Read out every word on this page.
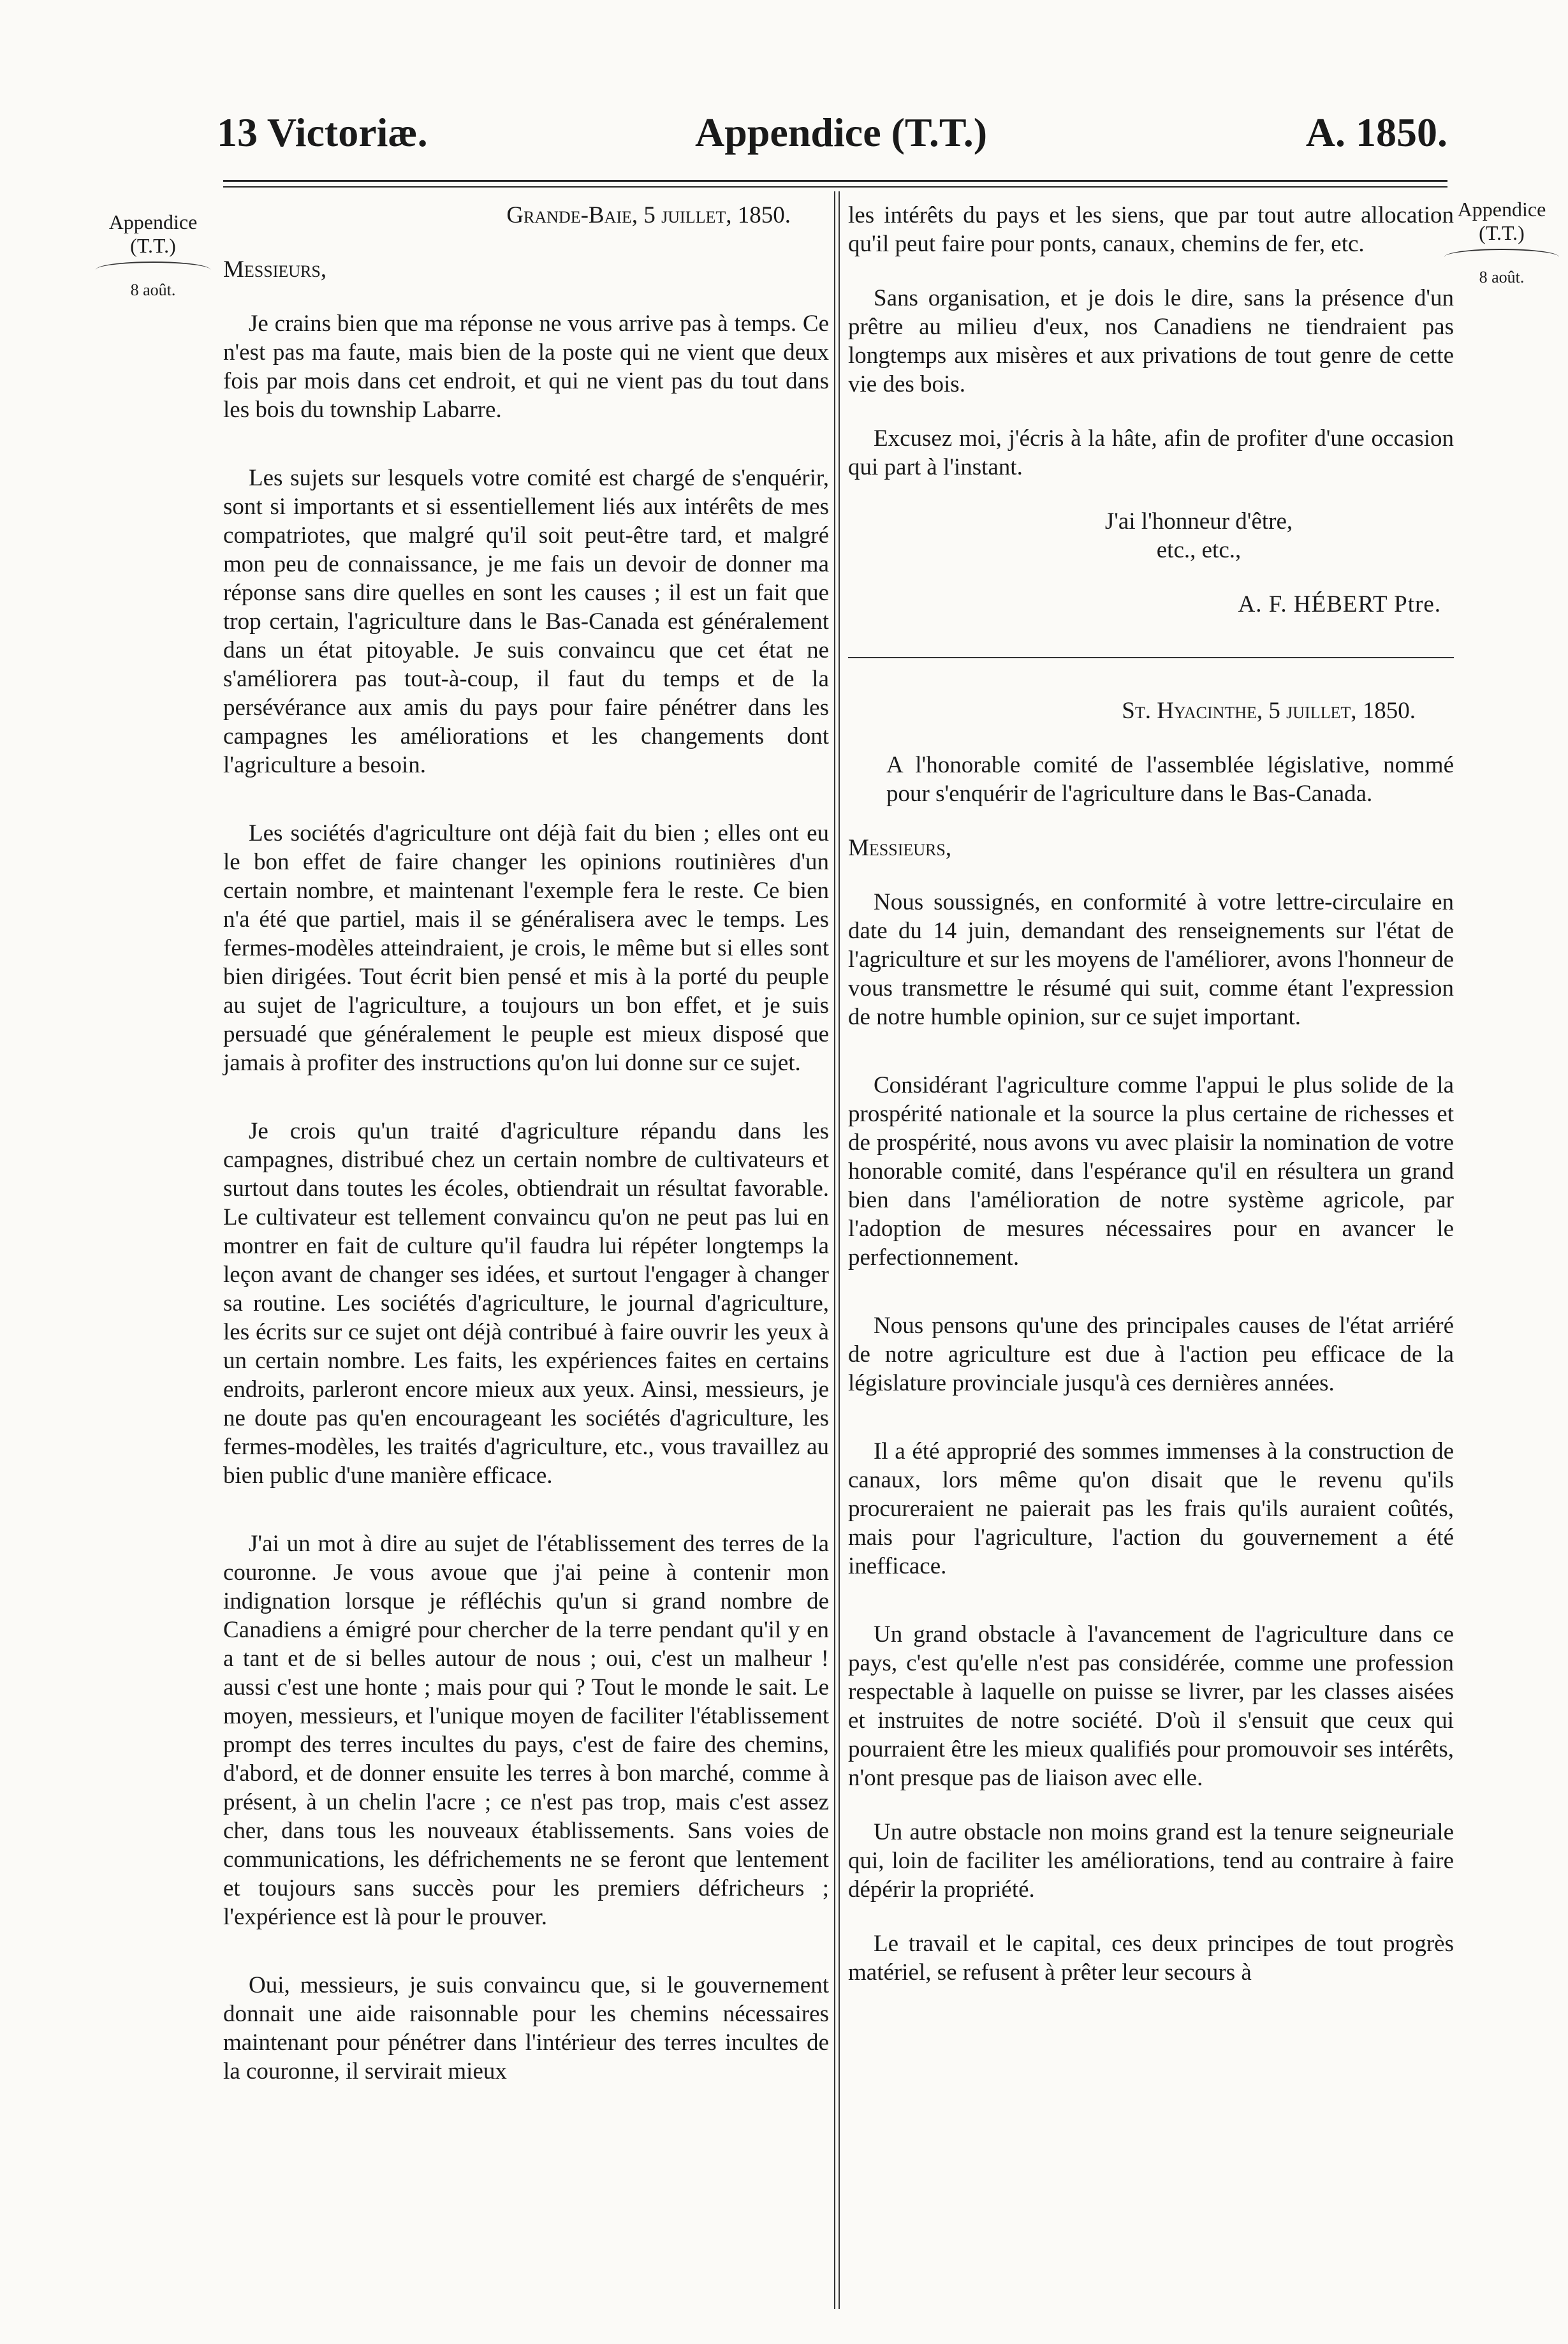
13 Victoriæ.	Appendice (T.T.)	A. 1850.
Appendice
(T.T.)
8 août.
Appendice
(T.T.)
8 août.

Grande-Baie, 5 juillet, 1850.

Messieurs,

Je crains bien que ma réponse ne vous arrive pas à temps. Ce n'est pas ma faute, mais bien de la poste qui ne vient que deux fois par mois dans cet endroit, et qui ne vient pas du tout dans les bois du township Labarre.

Les sujets sur lesquels votre comité est chargé de s'enquérir, sont si importants et si essentiellement liés aux intérêts de mes compatriotes, que malgré qu'il soit peut-être tard, et malgré mon peu de connaissance, je me fais un devoir de donner ma réponse sans dire quelles en sont les causes ; il est un fait que trop certain, l'agriculture dans le Bas-Canada est généralement dans un état pitoyable. Je suis convaincu que cet état ne s'améliorera pas tout-à-coup, il faut du temps et de la persévérance aux amis du pays pour faire pénétrer dans les campagnes les améliorations et les changements dont l'agriculture a besoin.

Les sociétés d'agriculture ont déjà fait du bien ; elles ont eu le bon effet de faire changer les opinions routinières d'un certain nombre, et maintenant l'exemple fera le reste. Ce bien n'a été que partiel, mais il se généralisera avec le temps. Les fermes-modèles atteindraient, je crois, le même but si elles sont bien dirigées. Tout écrit bien pensé et mis à la porté du peuple au sujet de l'agriculture, a toujours un bon effet, et je suis persuadé que généralement le peuple est mieux disposé que jamais à profiter des instructions qu'on lui donne sur ce sujet.

Je crois qu'un traité d'agriculture répandu dans les campagnes, distribué chez un certain nombre de cultivateurs et surtout dans toutes les écoles, obtiendrait un résultat favorable. Le cultivateur est tellement convaincu qu'on ne peut pas lui en montrer en fait de culture qu'il faudra lui répéter longtemps la leçon avant de changer ses idées, et surtout l'engager à changer sa routine. Les sociétés d'agriculture, le journal d'agriculture, les écrits sur ce sujet ont déjà contribué à faire ouvrir les yeux à un certain nombre. Les faits, les expériences faites en certains endroits, parleront encore mieux aux yeux. Ainsi, messieurs, je ne doute pas qu'en encourageant les sociétés d'agriculture, les fermes-modèles, les traités d'agriculture, etc., vous travaillez au bien public d'une manière efficace.

J'ai un mot à dire au sujet de l'établissement des terres de la couronne. Je vous avoue que j'ai peine à contenir mon indignation lorsque je réfléchis qu'un si grand nombre de Canadiens a émigré pour chercher de la terre pendant qu'il y en a tant et de si belles autour de nous ; oui, c'est un malheur ! aussi c'est une honte ; mais pour qui ? Tout le monde le sait. Le moyen, messieurs, et l'unique moyen de faciliter l'établissement prompt des terres incultes du pays, c'est de faire des chemins, d'abord, et de donner ensuite les terres à bon marché, comme à présent, à un chelin l'acre ; ce n'est pas trop, mais c'est assez cher, dans tous les nouveaux établissements. Sans voies de communications, les défrichements ne se feront que lentement et toujours sans succès pour les premiers défricheurs ; l'expérience est là pour le prouver.

Oui, messieurs, je suis convaincu que, si le gouvernement donnait une aide raisonnable pour les chemins nécessaires maintenant pour pénétrer dans l'intérieur des terres incultes de la couronne, il servirait mieux

les intérêts du pays et les siens, que par tout autre allocation qu'il peut faire pour ponts, canaux, chemins de fer, etc.

Sans organisation, et je dois le dire, sans la présence d'un prêtre au milieu d'eux, nos Canadiens ne tiendraient pas longtemps aux misères et aux privations de tout genre de cette vie des bois.

Excusez moi, j'écris à la hâte, afin de profiter d'une occasion qui part à l'instant.

J'ai l'honneur d'être,

etc., etc.,

A. F. HÉBERT Ptre.

St. Hyacinthe, 5 juillet, 1850.

A l'honorable comité de l'assemblée législative, nommé pour s'enquérir de l'agriculture dans le Bas-Canada.

Messieurs,

Nous soussignés, en conformité à votre lettre-circulaire en date du 14 juin, demandant des renseignements sur l'état de l'agriculture et sur les moyens de l'améliorer, avons l'honneur de vous transmettre le résumé qui suit, comme étant l'expression de notre humble opinion, sur ce sujet important.

Considérant l'agriculture comme l'appui le plus solide de la prospérité nationale et la source la plus certaine de richesses et de prospérité, nous avons vu avec plaisir la nomination de votre honorable comité, dans l'espérance qu'il en résultera un grand bien dans l'amélioration de notre système agricole, par l'adoption de mesures nécessaires pour en avancer le perfectionnement.

Nous pensons qu'une des principales causes de l'état arriéré de notre agriculture est due à l'action peu efficace de la législature provinciale jusqu'à ces dernières années.

Il a été approprié des sommes immenses à la construction de canaux, lors même qu'on disait que le revenu qu'ils procureraient ne paierait pas les frais qu'ils auraient coûtés, mais pour l'agriculture, l'action du gouvernement a été inefficace.

Un grand obstacle à l'avancement de l'agriculture dans ce pays, c'est qu'elle n'est pas considérée, comme une profession respectable à laquelle on puisse se livrer, par les classes aisées et instruites de notre société. D'où il s'ensuit que ceux qui pourraient être les mieux qualifiés pour promouvoir ses intérêts, n'ont presque pas de liaison avec elle.

Un autre obstacle non moins grand est la tenure seigneuriale qui, loin de faciliter les améliorations, tend au contraire à faire dépérir la propriété.

Le travail et le capital, ces deux principes de tout progrès matériel, se refusent à prêter leur secours à
